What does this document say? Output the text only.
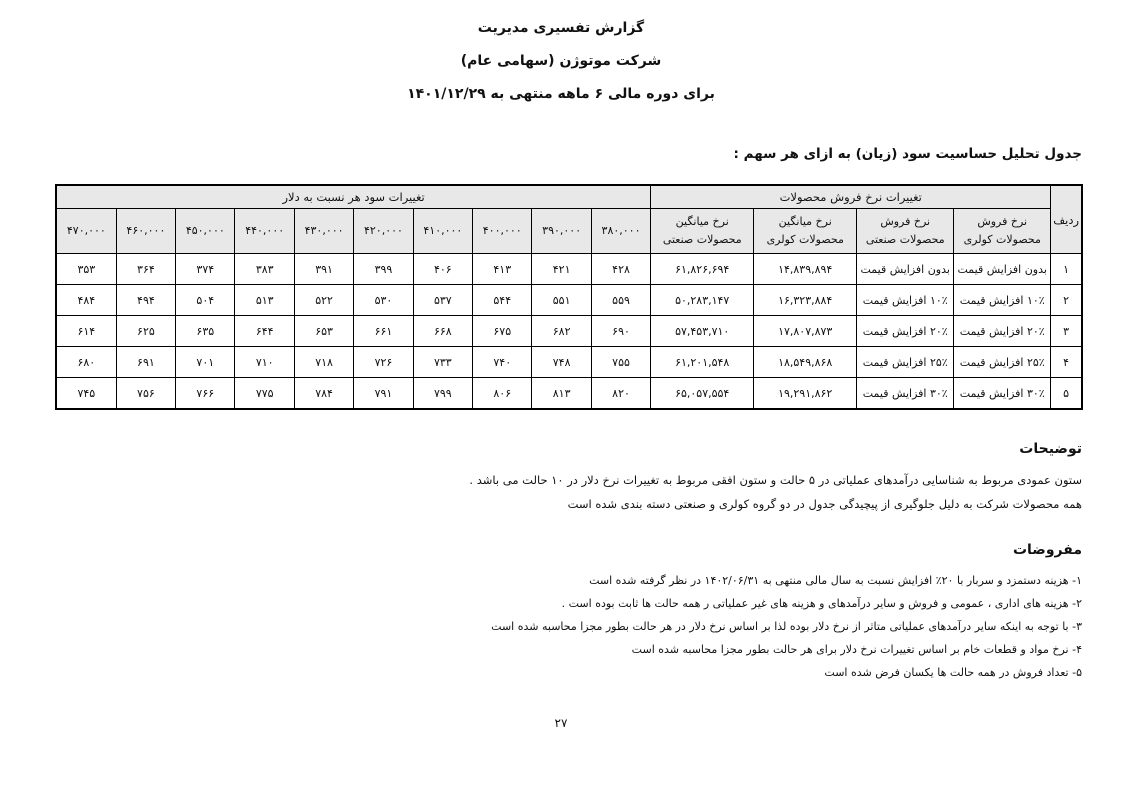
گزارش تفسیری مدیریت
شرکت موتوژن (سهامی عام)
برای دوره مالی ۶ ماهه منتهی به ۱۴۰۱/۱۲/۲۹
جدول تحلیل حساسیت سود (زیان) به ازای هر سهم :
ردیف	تغییرات نرخ فروش محصولات				تغییرات سود هر نسبت به دلار									
	نرخ فروش محصولات کولری	نرخ فروش محصولات صنعتی	نرخ میانگین محصولات کولری	نرخ میانگین محصولات صنعتی	۳۸۰,۰۰۰	۳۹۰,۰۰۰	۴۰۰,۰۰۰	۴۱۰,۰۰۰	۴۲۰,۰۰۰	۴۳۰,۰۰۰	۴۴۰,۰۰۰	۴۵۰,۰۰۰	۴۶۰,۰۰۰	۴۷۰,۰۰۰
۱	بدون افزایش قیمت	بدون افزایش قیمت	۱۴,۸۳۹,۸۹۴	۶۱,۸۲۶,۶۹۴	۴۲۸	۴۲۱	۴۱۳	۴۰۶	۳۹۹	۳۹۱	۳۸۳	۳۷۴	۳۶۴	۳۵۳
۲	۱۰٪ افزایش قیمت	۱۰٪ افزایش قیمت	۱۶,۳۲۳,۸۸۴	۵۰,۲۸۳,۱۴۷	۵۵۹	۵۵۱	۵۴۴	۵۳۷	۵۳۰	۵۲۲	۵۱۳	۵۰۴	۴۹۴	۴۸۴
۳	۲۰٪ افزایش قیمت	۲۰٪ افزایش قیمت	۱۷,۸۰۷,۸۷۳	۵۷,۴۵۳,۷۱۰	۶۹۰	۶۸۲	۶۷۵	۶۶۸	۶۶۱	۶۵۳	۶۴۴	۶۳۵	۶۲۵	۶۱۴
۴	۲۵٪ افزایش قیمت	۲۵٪ افزایش قیمت	۱۸,۵۴۹,۸۶۸	۶۱,۲۰۱,۵۴۸	۷۵۵	۷۴۸	۷۴۰	۷۳۳	۷۲۶	۷۱۸	۷۱۰	۷۰۱	۶۹۱	۶۸۰
۵	۳۰٪ افزایش قیمت	۳۰٪ افزایش قیمت	۱۹,۲۹۱,۸۶۲	۶۵,۰۵۷,۵۵۴	۸۲۰	۸۱۳	۸۰۶	۷۹۹	۷۹۱	۷۸۴	۷۷۵	۷۶۶	۷۵۶	۷۴۵
توضیحات
ستون عمودی مربوط به شناسایی درآمدهای عملیاتی در ۵ حالت و ستون افقی مربوط به تغییرات نرخ دلار در ۱۰ حالت می باشد .
همه محصولات شرکت به دلیل جلوگیری از پیچیدگی جدول در دو گروه کولری و صنعتی دسته بندی شده است
مفروضات
۱- هزینه دستمزد و سربار با ۲۰٪ افزایش نسبت به سال مالی منتهی به ۱۴۰۲/۰۶/۳۱ در نظر گرفته شده است
۲- هزینه های اداری ، عمومی و فروش و سایر درآمدهای و هزینه های غیر عملیاتی ر همه حالت ها ثابت بوده است .
۳- با توجه به اینکه سایر درآمدهای عملیاتی متاثر از نرخ دلار بوده لذا بر اساس نرخ دلار در هر حالت بطور مجزا محاسبه شده است
۴- نرخ مواد و قطعات خام بر اساس تغییرات نرخ دلار برای هر حالت بطور مجزا محاسبه شده است
۵- تعداد فروش در همه حالت ها یکسان فرض شده است
۲۷
